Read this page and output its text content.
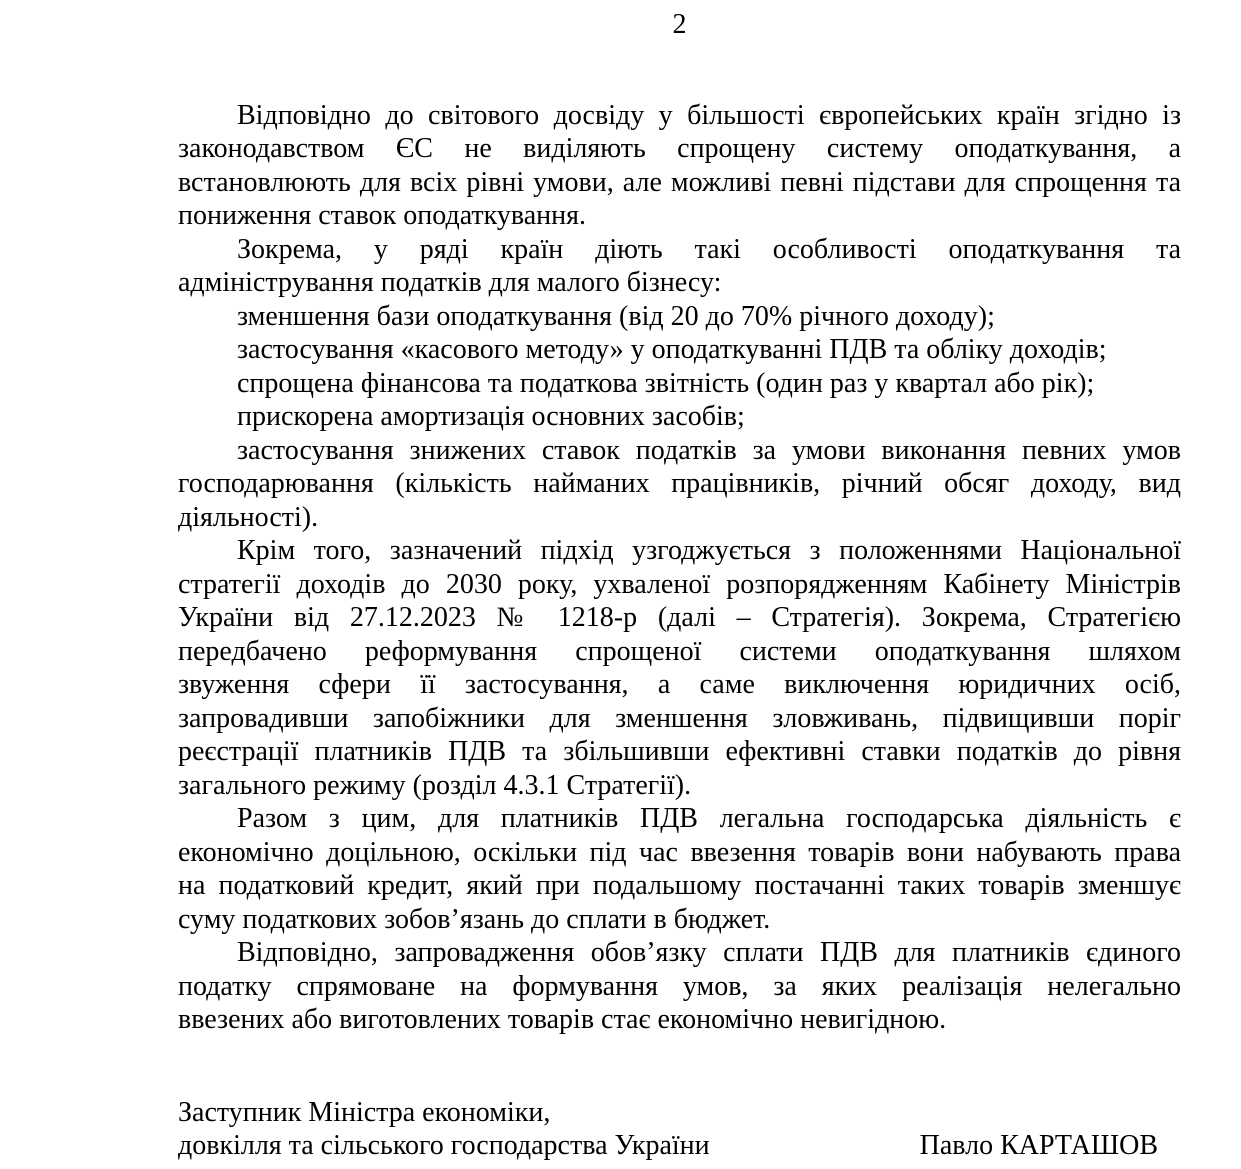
2
Відповідно до світового досвіду у більшості європейських країн згідно із
законодавством ЄС не виділяють спрощену систему оподаткування, а
встановлюють для всіх рівні умови, але можливі певні підстави для спрощення та
пониження ставок оподаткування.
Зокрема, у ряді країн діють такі особливості оподаткування та
адміністрування податків для малого бізнесу:
зменшення бази оподаткування (від 20 до 70% річного доходу);
застосування «касового методу» у оподаткуванні ПДВ та обліку доходів;
спрощена фінансова та податкова звітність (один раз у квартал або рік);
прискорена амортизація основних засобів;
застосування знижених ставок податків за умови виконання певних умов
господарювання (кількість найманих працівників, річний обсяг доходу, вид
діяльності).
Крім того, зазначений підхід узгоджується з положеннями Національної
стратегії доходів до 2030 року, ухваленої розпорядженням Кабінету Міністрів
України від 27.12.2023 № 1218-р (далі – Стратегія). Зокрема, Стратегією
передбачено реформування спрощеної системи оподаткування шляхом
звуження сфери її застосування, а саме виключення юридичних осіб,
запровадивши запобіжники для зменшення зловживань, підвищивши поріг
реєстрації платників ПДВ та збільшивши ефективні ставки податків до рівня
загального режиму (розділ 4.3.1 Стратегії).
Разом з цим, для платників ПДВ легальна господарська діяльність є
економічно доцільною, оскільки під час ввезення товарів вони набувають права
на податковий кредит, який при подальшому постачанні таких товарів зменшує
суму податкових зобов’язань до сплати в бюджет.
Відповідно, запровадження обов’язку сплати ПДВ для платників єдиного
податку спрямоване на формування умов, за яких реалізація нелегально
ввезених або виготовлених товарів стає економічно невигідною.
Заступник Міністра економіки,
довкілля та сільського господарства України	Павло КАРТАШОВ
